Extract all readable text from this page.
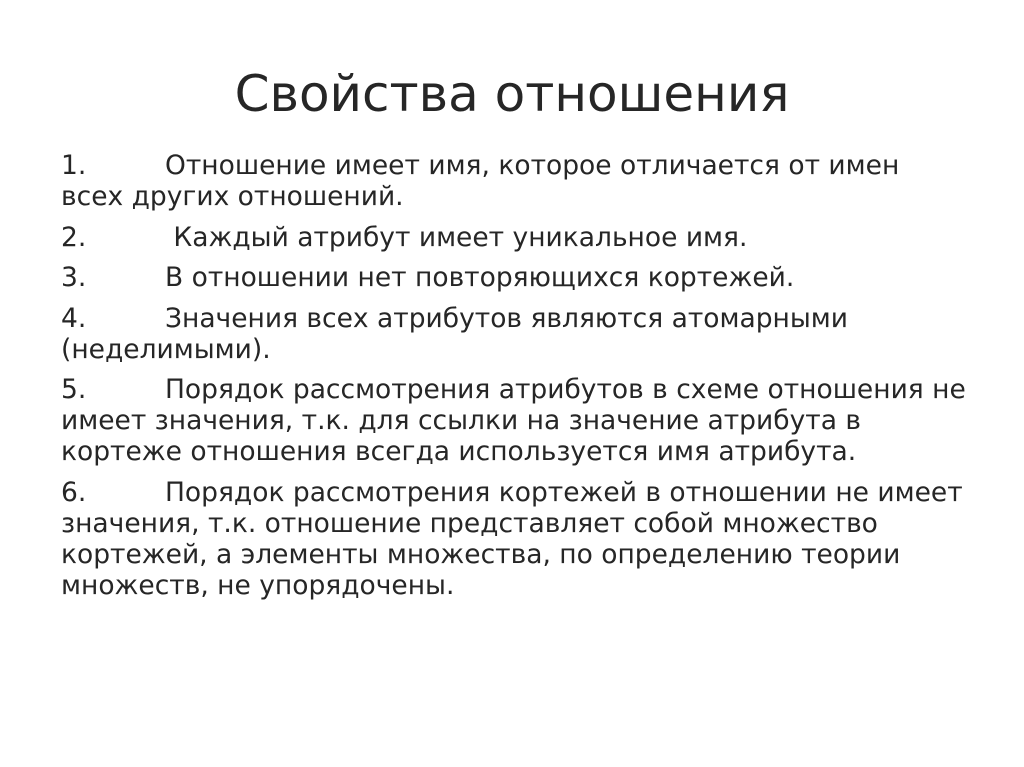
Свойства отношения
1.	Отношение имеет имя, которое отличается от имен всех других отношений.
2.	Каждый атрибут имеет уникальное имя.
3.	В отношении нет повторяющихся кортежей.
4.	Значения всех атрибутов являются атомарными (неделимыми).
5.	Порядок рассмотрения атрибутов в схеме отношения не имеет значения, т.к. для ссылки на значение атрибута в кортеже отношения всегда используется имя атрибута.
6.	Порядок рассмотрения кортежей в отношении не имеет значения, т.к. отношение представляет собой множество кортежей, а элементы множества, по определению теории множеств, не упорядочены.
